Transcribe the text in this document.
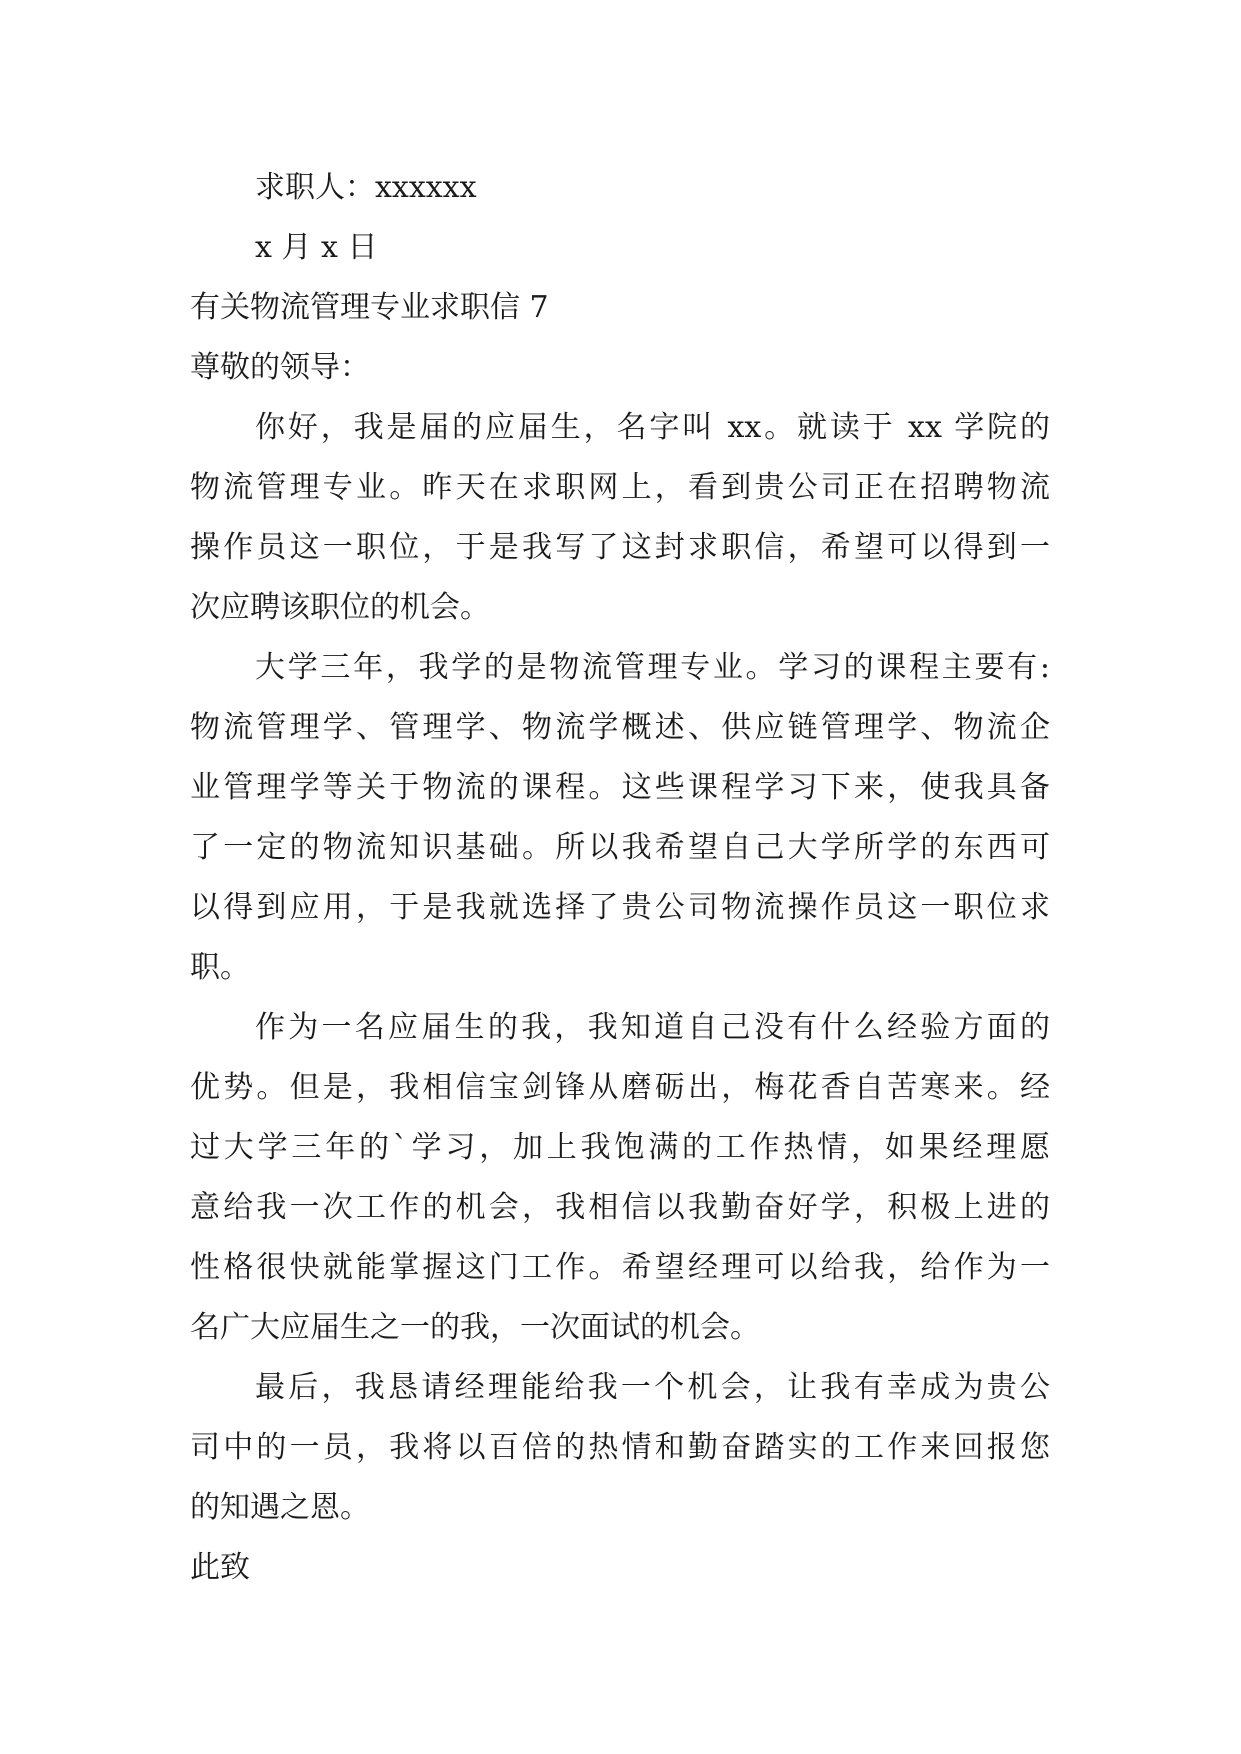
求职人：xxxxxx
x 月 x 日
有关物流管理专业求职信 7
尊敬的领导：
你好，我是届的应届生，名字叫 xx。就读于 xx 学院的
物流管理专业。昨天在求职网上，看到贵公司正在招聘物流
操作员这一职位，于是我写了这封求职信，希望可以得到一
次应聘该职位的机会。
大学三年，我学的是物流管理专业。学习的课程主要有:
物流管理学、管理学、物流学概述、供应链管理学、物流企
业管理学等关于物流的课程。这些课程学习下来，使我具备
了一定的物流知识基础。所以我希望自己大学所学的东西可
以得到应用，于是我就选择了贵公司物流操作员这一职位求
职。
作为一名应届生的我，我知道自己没有什么经验方面的
优势。但是，我相信宝剑锋从磨砺出，梅花香自苦寒来。经
过大学三年的`学习，加上我饱满的工作热情，如果经理愿
意给我一次工作的机会，我相信以我勤奋好学，积极上进的
性格很快就能掌握这门工作。希望经理可以给我，给作为一
名广大应届生之一的我，一次面试的机会。
最后，我恳请经理能给我一个机会，让我有幸成为贵公
司中的一员，我将以百倍的热情和勤奋踏实的工作来回报您
的知遇之恩。
此致
